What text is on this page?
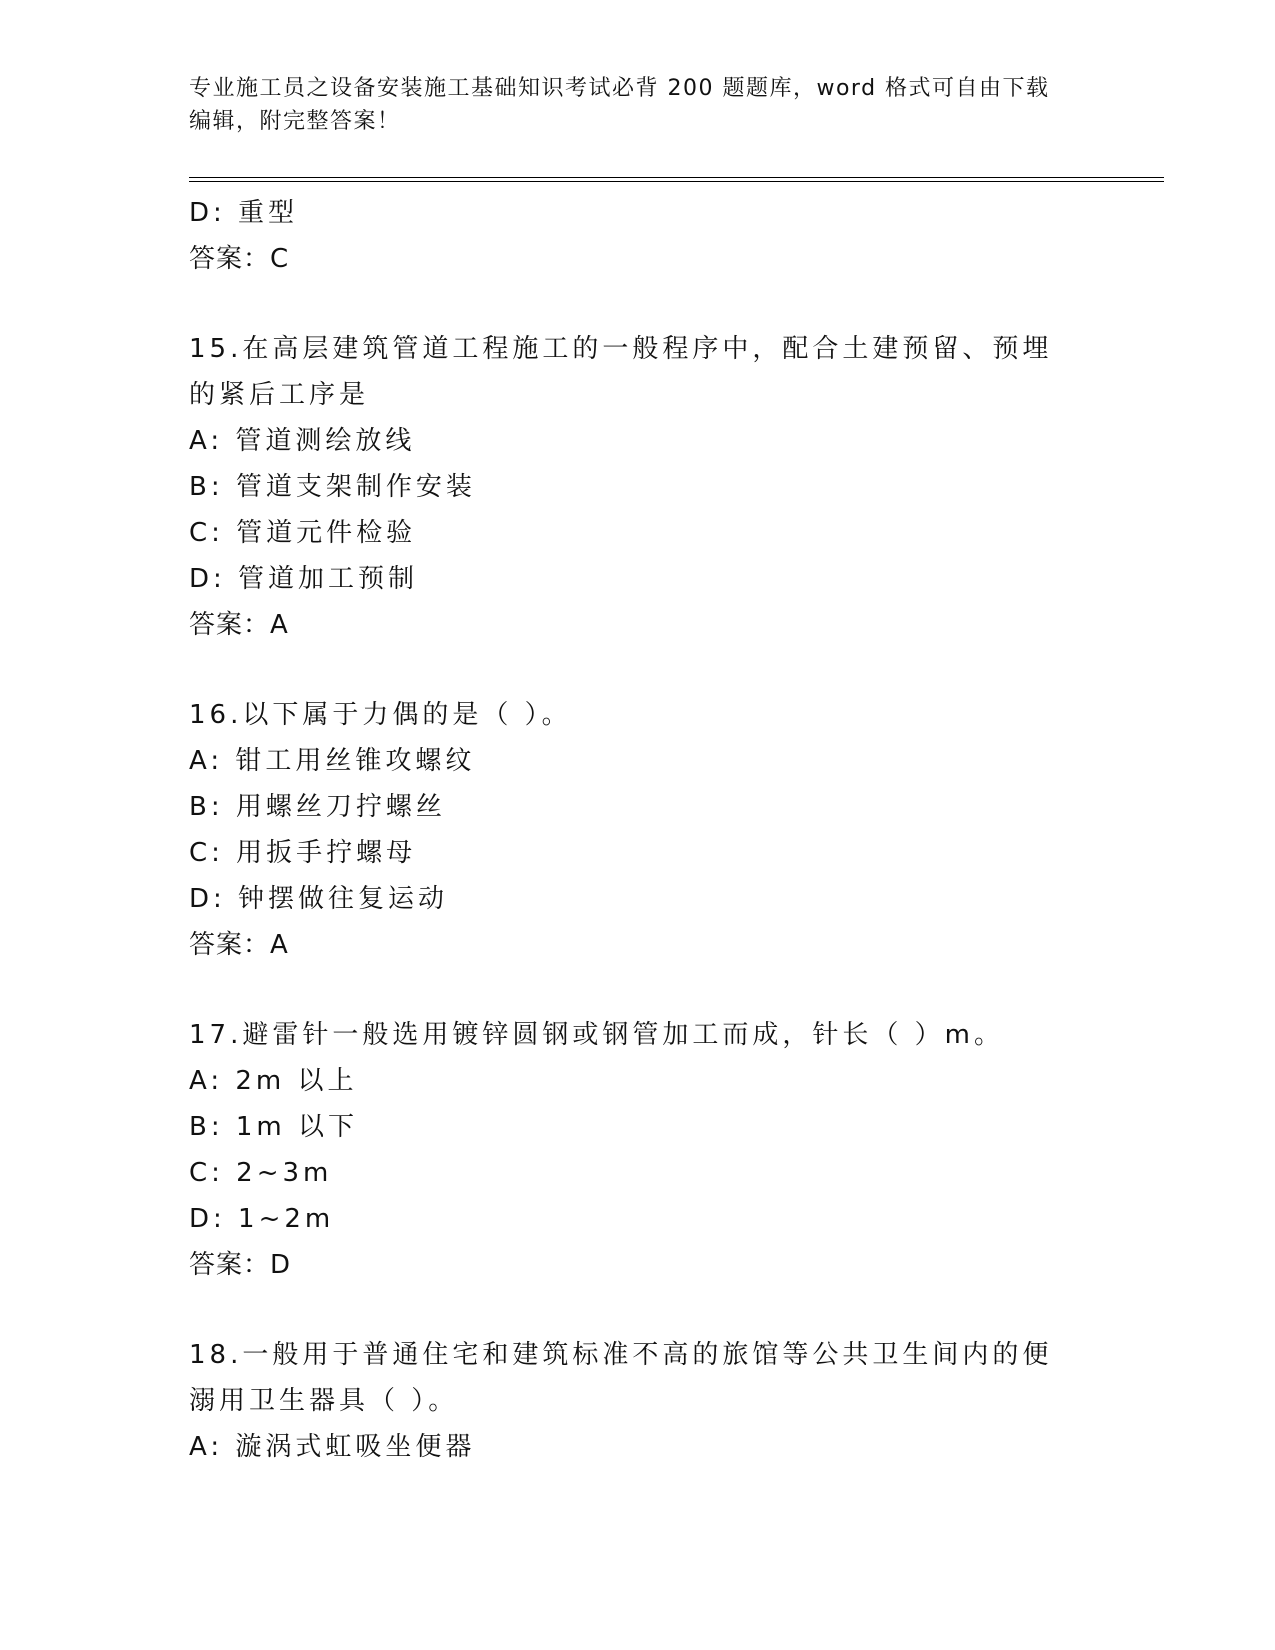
专业施工员之设备安装施工基础知识考试必背 200 题题库，word 格式可自由下载
编辑，附完整答案！
D: 重型
答案：C
15.在高层建筑管道工程施工的一般程序中，配合土建预留、预埋的紧后工序是
A: 管道测绘放线
B: 管道支架制作安装
C: 管道元件检验
D: 管道加工预制
答案：A
16.以下属于力偶的是（ ）。
A: 钳工用丝锥攻螺纹
B: 用螺丝刀拧螺丝
C: 用扳手拧螺母
D: 钟摆做往复运动
答案：A
17.避雷针一般选用镀锌圆钢或钢管加工而成，针长（ ）m。
A: 2m 以上
B: 1m 以下
C: 2~3m
D: 1~2m
答案：D
18.一般用于普通住宅和建筑标准不高的旅馆等公共卫生间内的便溺用卫生器具（ ）。
A: 漩涡式虹吸坐便器
